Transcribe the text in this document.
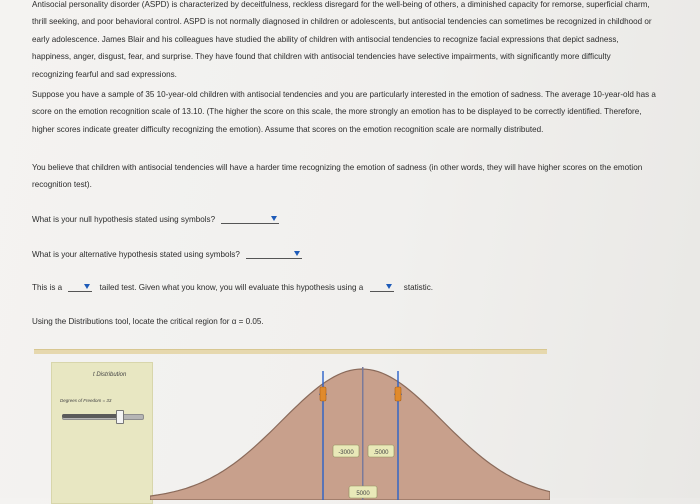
Antisocial personality disorder (ASPD) is characterized by deceitfulness, reckless disregard for the well-being of others, a diminished capacity for remorse, superficial charm, thrill seeking, and poor behavioral control. ASPD is not normally diagnosed in children or adolescents, but antisocial tendencies can sometimes be recognized in childhood or early adolescence. James Blair and his colleagues have studied the ability of children with antisocial tendencies to recognize facial expressions that depict sadness, happiness, anger, disgust, fear, and surprise. They have found that children with antisocial tendencies have selective impairments, with significantly more difficulty recognizing fearful and sad expressions.

Suppose you have a sample of 35 10-year-old children with antisocial tendencies and you are particularly interested in the emotion of sadness. The average 10-year-old has a score on the emotion recognition scale of 13.10. (The higher the score on this scale, the more strongly an emotion has to be displayed to be correctly identified. Therefore, higher scores indicate greater difficulty recognizing the emotion). Assume that scores on the emotion recognition scale are normally distributed.

You believe that children with antisocial tendencies will have a harder time recognizing the emotion of sadness (in other words, they will have higher scores on the emotion recognition test).

What is your null hypothesis stated using symbols?
What is your alternative hypothesis stated using symbols?
This is a	tailed test. Given what you know, you will evaluate this hypothesis using a	statistic.
Using the Distributions tool, locate the critical region for α = 0.05.
t Distribution
Degrees of Freedom = 33
-3000	.5000
5000
